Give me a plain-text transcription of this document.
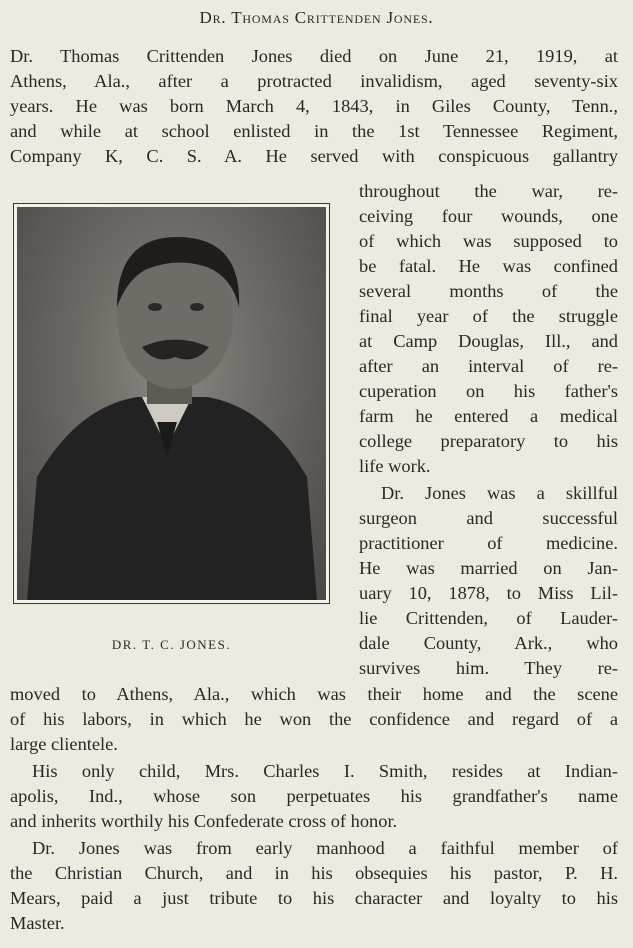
Dr. Thomas Crittenden Jones.
Dr. Thomas Crittenden Jones died on June 21, 1919, at
Athens, Ala., after a protracted invalidism, aged seventy-six
years. He was born March 4, 1843, in Giles County, Tenn.,
and while at school enlisted in the 1st Tennessee Regiment,
Company K, C. S. A. He served with conspicuous gallantry
throughout the war, re-
ceiving four wounds, one
of which was supposed to
be fatal. He was confined
several months of the
final year of the struggle
at Camp Douglas, Ill., and
after an interval of re-
cuperation on his father's
farm he entered a medical
college preparatory to his
life work.
Dr. Jones was a skillful
surgeon and successful
practitioner of medicine.
He was married on Jan-
uary 10, 1878, to Miss Lil-
lie Crittenden, of Lauder-
dale County, Ark., who
survives him. They re-
DR. T. C. JONES.
moved to Athens, Ala., which was their home and the scene
of his labors, in which he won the confidence and regard of a
large clientele.
His only child, Mrs. Charles I. Smith, resides at Indian-
apolis, Ind., whose son perpetuates his grandfather's name
and inherits worthily his Confederate cross of honor.
Dr. Jones was from early manhood a faithful member of
the Christian Church, and in his obsequies his pastor, P. H.
Mears, paid a just tribute to his character and loyalty to his
Master.
